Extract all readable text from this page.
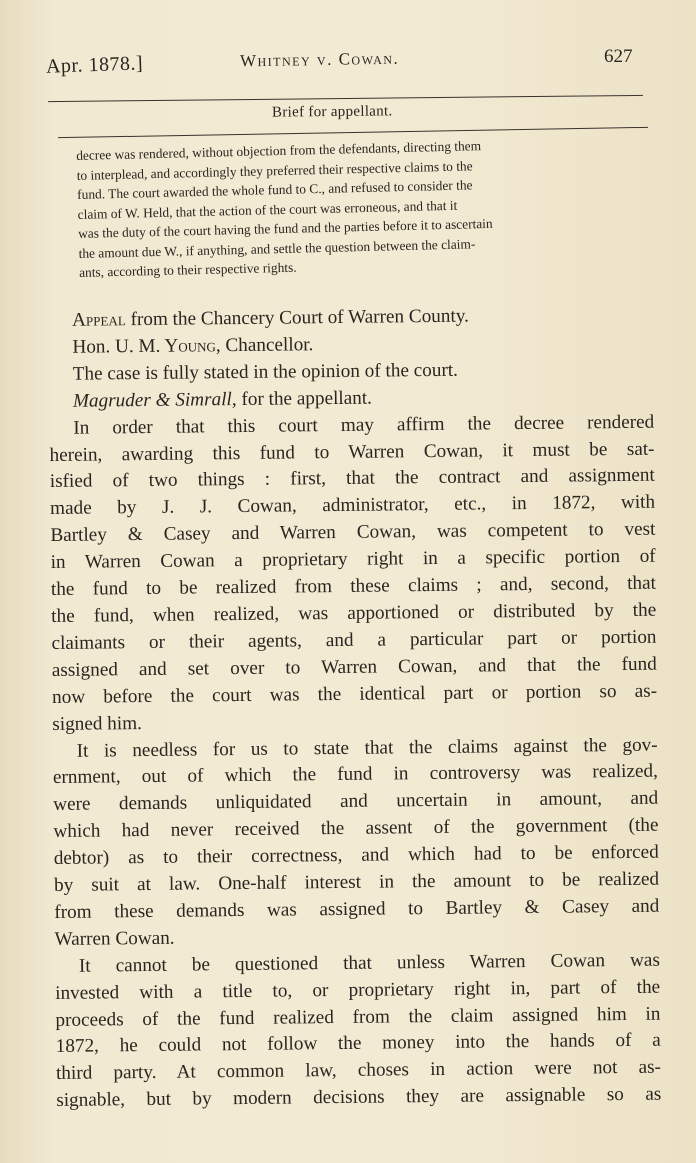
Apr. 1878.]	Whitney v. Cowan.	627
Brief for appellant.
decree was rendered, without objection from the defendants, directing them
to interplead, and accordingly they preferred their respective claims to the
fund. The court awarded the whole fund to C., and refused to consider the
claim of W. Held, that the action of the court was erroneous, and that it
was the duty of the court having the fund and the parties before it to ascertain
the amount due W., if anything, and settle the question between the claim-
ants, according to their respective rights.
Appeal from the Chancery Court of Warren County.
Hon. U. M. Young, Chancellor.
The case is fully stated in the opinion of the court.
Magruder & Simrall, for the appellant.
In order that this court may affirm the decree rendered
herein, awarding this fund to Warren Cowan, it must be sat-
isfied of two things : first, that the contract and assignment
made by J. J. Cowan, administrator, etc., in 1872, with
Bartley & Casey and Warren Cowan, was competent to vest
in Warren Cowan a proprietary right in a specific portion of
the fund to be realized from these claims ; and, second, that
the fund, when realized, was apportioned or distributed by the
claimants or their agents, and a particular part or portion
assigned and set over to Warren Cowan, and that the fund
now before the court was the identical part or portion so as-
signed him.
It is needless for us to state that the claims against the gov-
ernment, out of which the fund in controversy was realized,
were demands unliquidated and uncertain in amount, and
which had never received the assent of the government (the
debtor) as to their correctness, and which had to be enforced
by suit at law. One-half interest in the amount to be realized
from these demands was assigned to Bartley & Casey and
Warren Cowan.
It cannot be questioned that unless Warren Cowan was
invested with a title to, or proprietary right in, part of the
proceeds of the fund realized from the claim assigned him in
1872, he could not follow the money into the hands of a
third party. At common law, choses in action were not as-
signable, but by modern decisions they are assignable so as
